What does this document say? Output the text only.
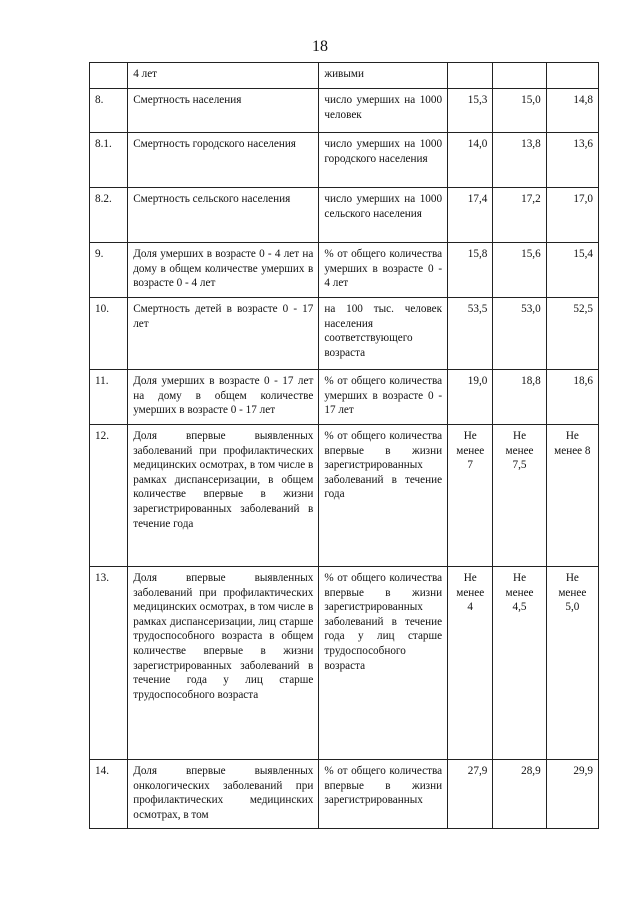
18
	4 лет	живыми			
8.	Смертность населения	число умерших на 1000 человек	15,3	15,0	14,8
8.1.	Смертность городского населения	число умерших на 1000 городского населения	14,0	13,8	13,6
8.2.	Смертность сельского населения	число умерших на 1000 сельского населения	17,4	17,2	17,0
9.	Доля умерших в возрасте 0 - 4 лет на дому в общем количестве умерших в возрасте 0 - 4 лет	% от общего количества умерших в возрасте 0 - 4 лет	15,8	15,6	15,4
10.	Смертность детей в возрасте 0 - 17 лет	на 100 тыс. человек населения соответствующего возраста	53,5	53,0	52,5
11.	Доля умерших в возрасте 0 - 17 лет на дому в общем количестве умерших в возрасте 0 - 17 лет	% от общего количества умерших в возрасте 0 - 17 лет	19,0	18,8	18,6
12.	Доля впервые выявленных заболеваний при профилактических медицинских осмотрах, в том числе в рамках диспансеризации, в общем количестве впервые в жизни зарегистрированных заболеваний в течение года	% от общего количества впервые в жизни зарегистрированных заболеваний в течение года	Не менее 7	Не менее 7,5	Не менее 8
13.	Доля впервые выявленных заболеваний при профилактических медицинских осмотрах, в том числе в рамках диспансеризации, лиц старше трудоспособного возраста в общем количестве впервые в жизни зарегистрированных заболеваний в течение года у лиц старше трудоспособного возраста	% от общего количества впервые в жизни зарегистрированных заболеваний в течение года у лиц старше трудоспособного возраста	Не менее 4	Не менее 4,5	Не менее 5,0
14.	Доля впервые выявленных онкологических заболеваний при профилактических медицинских осмотрах, в том	% от общего количества впервые в жизни зарегистрированных	27,9	28,9	29,9
